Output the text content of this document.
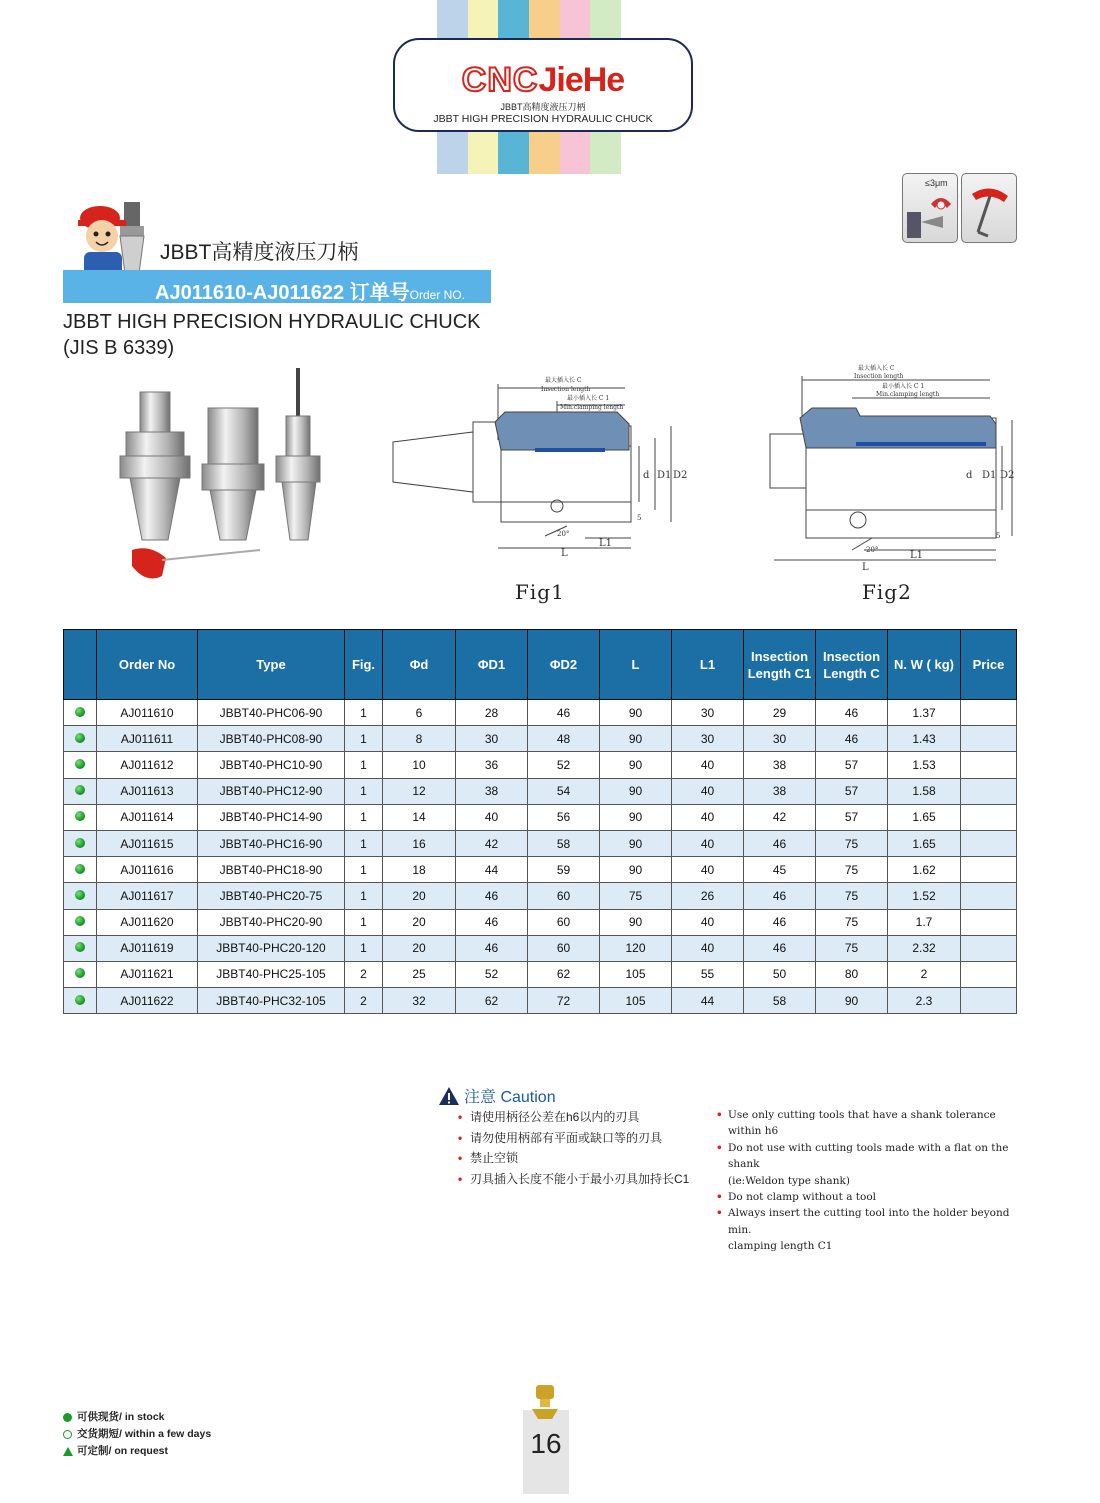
CNCJieHe
JBBT高精度液压刀柄
JBBT HIGH PRECISION HYDRAULIC CHUCK
≤3μm
JBBT高精度液压刀柄
AJ011610-AJ011622 订单号Order NO.
JBBT HIGH PRECISION HYDRAULIC CHUCK
(JIS B 6339)
最大插入长 C
Insection length
最小插入长 C 1
Min.clamping length
d D1 D2
L
L1
20°
5
Fig1
最大插入长 C
Insection length
最小插入长 C 1
Min.clamping length
d D1 D2
L
L1
20°
5
Fig2
	Order No	Type	Fig.	Φd	ΦD1	ΦD2	L	L1	Insection Length C1	Insection Length C	N. W ( kg)	Price
	AJ011610	JBBT40-PHC06-90	1	6	28	46	90	30	29	46	1.37	
	AJ011611	JBBT40-PHC08-90	1	8	30	48	90	30	30	46	1.43	
	AJ011612	JBBT40-PHC10-90	1	10	36	52	90	40	38	57	1.53	
	AJ011613	JBBT40-PHC12-90	1	12	38	54	90	40	38	57	1.58	
	AJ011614	JBBT40-PHC14-90	1	14	40	56	90	40	42	57	1.65	
	AJ011615	JBBT40-PHC16-90	1	16	42	58	90	40	46	75	1.65	
	AJ011616	JBBT40-PHC18-90	1	18	44	59	90	40	45	75	1.62	
	AJ011617	JBBT40-PHC20-75	1	20	46	60	75	26	46	75	1.52	
	AJ011620	JBBT40-PHC20-90	1	20	46	60	90	40	46	75	1.7	
	AJ011619	JBBT40-PHC20-120	1	20	46	60	120	40	46	75	2.32	
	AJ011621	JBBT40-PHC25-105	2	25	52	62	105	55	50	80	2	
	AJ011622	JBBT40-PHC32-105	2	32	62	72	105	44	58	90	2.3	
注意 Caution
• 请使用柄径公差在h6以内的刃具
• 请勿使用柄部有平面或缺口等的刃具
• 禁止空锁
• 刃具插入长度不能小于最小刃具加持长C1
• Use only cutting tools that have a shank tolerance within h6
• Do not use with cutting tools made with a flat on the shank
(ie:Weldon type shank)
• Do not clamp without a tool
• Always insert the cutting tool into the holder beyond min.
clamping length C1
可供现货/ in stock
交货期短/ within a few days
可定制/ on request	16
